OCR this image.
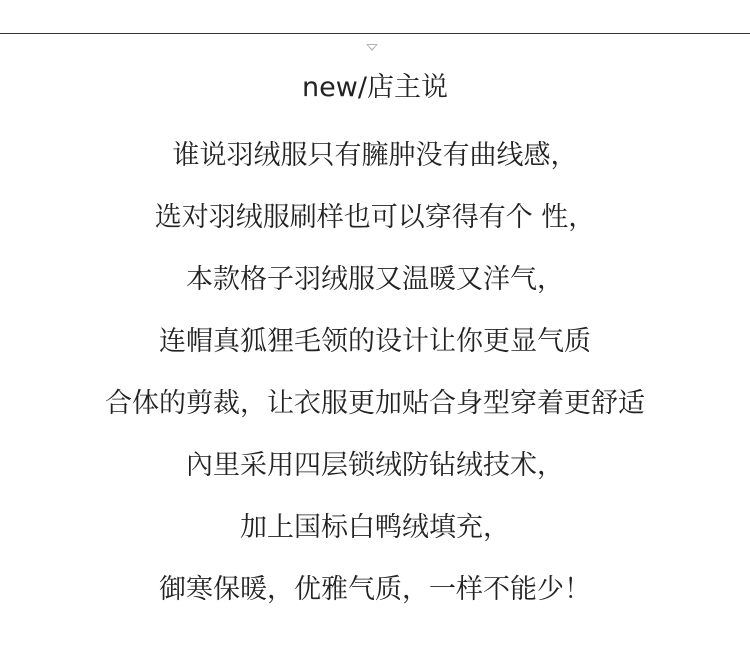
new/店主说
谁说羽绒服只有臃肿没有曲线感，
选对羽绒服刷样也可以穿得有个 性，
本款格子羽绒服又温暖又洋气，
连帽真狐狸毛领的设计让你更显气质
合体的剪裁，让衣服更加贴合身型穿着更舒适
內里采用四层锁绒防钻绒技术，
加上国标白鸭绒填充，
御寒保暖，优雅气质，一样不能少！
